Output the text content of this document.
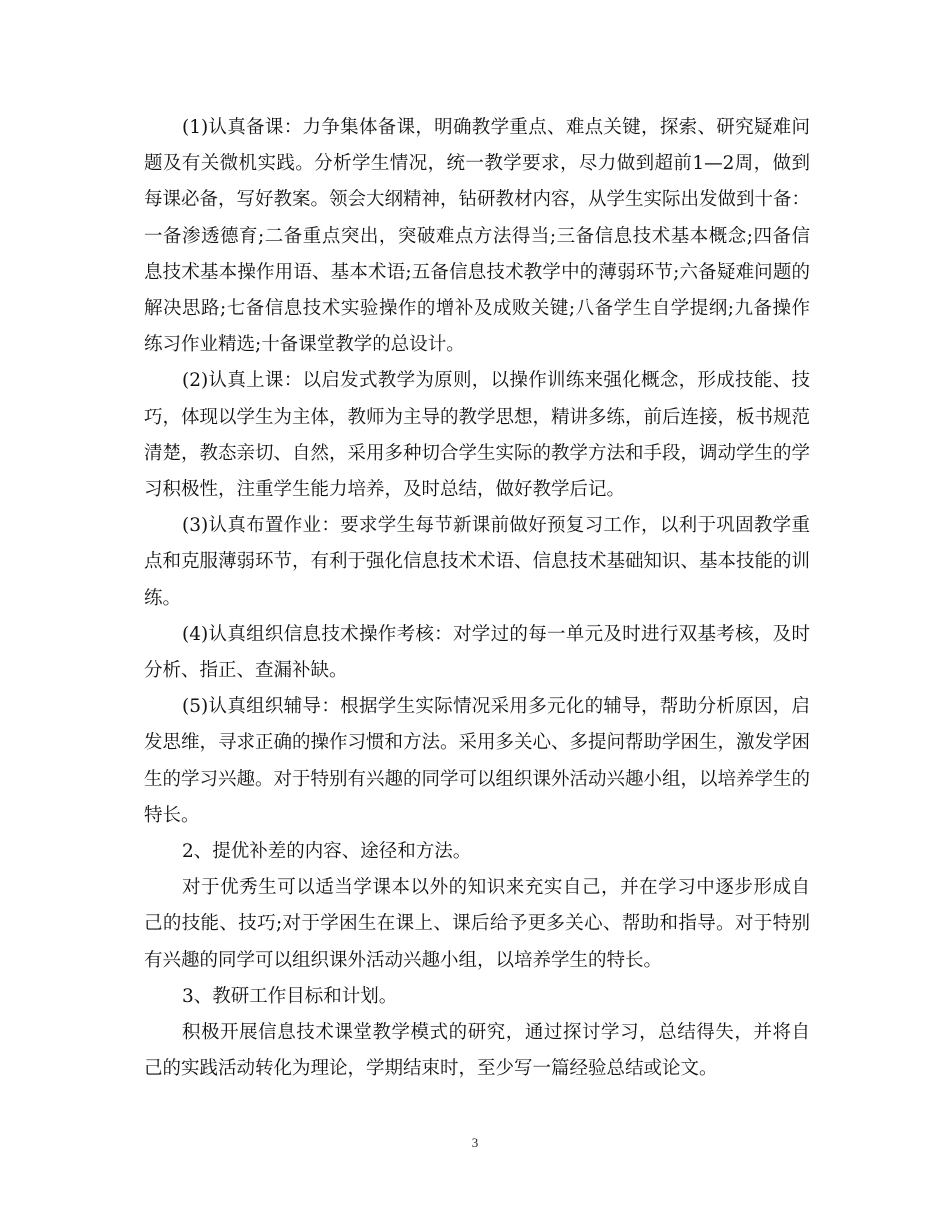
(1)认真备课：力争集体备课，明确教学重点、难点关键，探索、研究疑难问题及有关微机实践。分析学生情况，统一教学要求，尽力做到超前1—2周，做到每课必备，写好教案。领会大纲精神，钻研教材内容，从学生实际出发做到十备：一备渗透德育;二备重点突出，突破难点方法得当;三备信息技术基本概念;四备信息技术基本操作用语、基本术语;五备信息技术教学中的薄弱环节;六备疑难问题的解决思路;七备信息技术实验操作的增补及成败关键;八备学生自学提纲;九备操作练习作业精选;十备课堂教学的总设计。

(2)认真上课：以启发式教学为原则，以操作训练来强化概念，形成技能、技巧，体现以学生为主体，教师为主导的教学思想，精讲多练，前后连接，板书规范清楚，教态亲切、自然，采用多种切合学生实际的教学方法和手段，调动学生的学习积极性，注重学生能力培养，及时总结，做好教学后记。

(3)认真布置作业：要求学生每节新课前做好预复习工作，以利于巩固教学重点和克服薄弱环节，有利于强化信息技术术语、信息技术基础知识、基本技能的训练。

(4)认真组织信息技术操作考核：对学过的每一单元及时进行双基考核，及时分析、指正、查漏补缺。

(5)认真组织辅导：根据学生实际情况采用多元化的辅导，帮助分析原因，启发思维，寻求正确的操作习惯和方法。采用多关心、多提问帮助学困生，激发学困生的学习兴趣。对于特别有兴趣的同学可以组织课外活动兴趣小组，以培养学生的特长。

2、提优补差的内容、途径和方法。

对于优秀生可以适当学课本以外的知识来充实自己，并在学习中逐步形成自己的技能、技巧;对于学困生在课上、课后给予更多关心、帮助和指导。对于特别有兴趣的同学可以组织课外活动兴趣小组，以培养学生的特长。

3、教研工作目标和计划。

积极开展信息技术课堂教学模式的研究，通过探讨学习，总结得失，并将自己的实践活动转化为理论，学期结束时，至少写一篇经验总结或论文。

3
